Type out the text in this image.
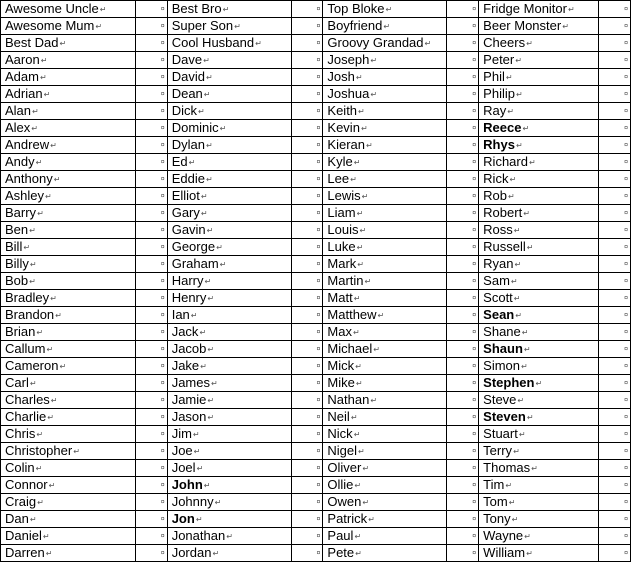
Awesome Uncle↵	¤	Best Bro↵	¤	Top Bloke↵	¤	Fridge Monitor↵	¤

Awesome Mum↵	¤	Super Son↵	¤	Boyfriend↵	¤	Beer Monster↵	¤

Best Dad↵	¤	Cool Husband↵	¤	Groovy Grandad↵	¤	Cheers↵	¤

Aaron↵	¤	Dave↵	¤	Joseph↵	¤	Peter↵	¤

Adam↵	¤	David↵	¤	Josh↵	¤	Phil↵	¤

Adrian↵	¤	Dean↵	¤	Joshua↵	¤	Philip↵	¤

Alan↵	¤	Dick↵	¤	Keith↵	¤	Ray↵	¤

Alex↵	¤	Dominic↵	¤	Kevin↵	¤	Reece↵	¤

Andrew↵	¤	Dylan↵	¤	Kieran↵	¤	Rhys↵	¤

Andy↵	¤	Ed↵	¤	Kyle↵	¤	Richard↵	¤

Anthony↵	¤	Eddie↵	¤	Lee↵	¤	Rick↵	¤

Ashley↵	¤	Elliot↵	¤	Lewis↵	¤	Rob↵	¤

Barry↵	¤	Gary↵	¤	Liam↵	¤	Robert↵	¤

Ben↵	¤	Gavin↵	¤	Louis↵	¤	Ross↵	¤

Bill↵	¤	George↵	¤	Luke↵	¤	Russell↵	¤

Billy↵	¤	Graham↵	¤	Mark↵	¤	Ryan↵	¤

Bob↵	¤	Harry↵	¤	Martin↵	¤	Sam↵	¤

Bradley↵	¤	Henry↵	¤	Matt↵	¤	Scott↵	¤

Brandon↵	¤	Ian↵	¤	Matthew↵	¤	Sean↵	¤

Brian↵	¤	Jack↵	¤	Max↵	¤	Shane↵	¤

Callum↵	¤	Jacob↵	¤	Michael↵	¤	Shaun↵	¤

Cameron↵	¤	Jake↵	¤	Mick↵	¤	Simon↵	¤

Carl↵	¤	James↵	¤	Mike↵	¤	Stephen↵	¤

Charles↵	¤	Jamie↵	¤	Nathan↵	¤	Steve↵	¤

Charlie↵	¤	Jason↵	¤	Neil↵	¤	Steven↵	¤

Chris↵	¤	Jim↵	¤	Nick↵	¤	Stuart↵	¤

Christopher↵	¤	Joe↵	¤	Nigel↵	¤	Terry↵	¤

Colin↵	¤	Joel↵	¤	Oliver↵	¤	Thomas↵	¤

Connor↵	¤	John↵	¤	Ollie↵	¤	Tim↵	¤

Craig↵	¤	Johnny↵	¤	Owen↵	¤	Tom↵	¤

Dan↵	¤	Jon↵	¤	Patrick↵	¤	Tony↵	¤

Daniel↵	¤	Jonathan↵	¤	Paul↵	¤	Wayne↵	¤

Darren↵	¤	Jordan↵	¤	Pete↵	¤	William↵	¤
